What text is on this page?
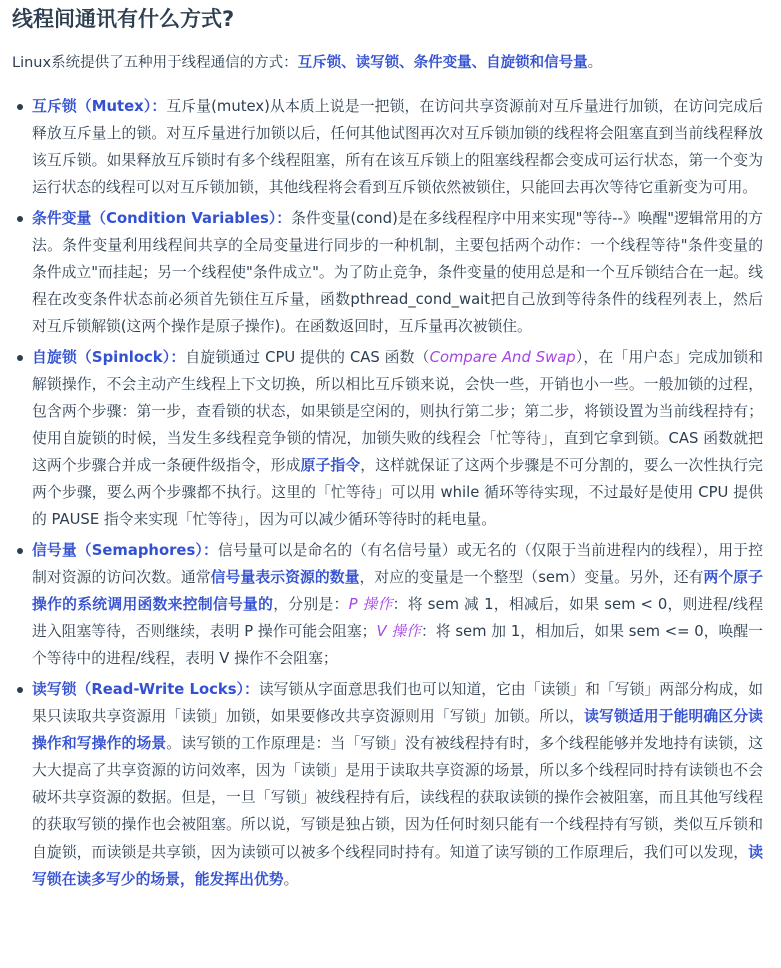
线程间通讯有什么方式?

Linux系统提供了五种用于线程通信的方式：互斥锁、读写锁、条件变量、自旋锁和信号量。

互斥锁（Mutex）：互斥量(mutex)从本质上说是一把锁，在访问共享资源前对互斥量进行加锁，在访问完成后释放互斥量上的锁。对互斥量进行加锁以后，任何其他试图再次对互斥锁加锁的线程将会阻塞直到当前线程释放该互斥锁。如果释放互斥锁时有多个线程阻塞，所有在该互斥锁上的阻塞线程都会变成可运行状态，第一个变为运行状态的线程可以对互斥锁加锁，其他线程将会看到互斥锁依然被锁住，只能回去再次等待它重新变为可用。
条件变量（Condition Variables）：条件变量(cond)是在多线程程序中用来实现"等待--》唤醒"逻辑常用的方法。条件变量利用线程间共享的全局变量进行同步的一种机制，主要包括两个动作：一个线程等待"条件变量的条件成立"而挂起；另一个线程使"条件成立"。为了防止竞争，条件变量的使用总是和一个互斥锁结合在一起。线程在改变条件状态前必须首先锁住互斥量，函数pthread_cond_wait把自己放到等待条件的线程列表上，然后对互斥锁解锁(这两个操作是原子操作)。在函数返回时，互斥量再次被锁住。
自旋锁（Spinlock）：自旋锁通过 CPU 提供的 CAS 函数（Compare And Swap），在「用户态」完成加锁和解锁操作，不会主动产生线程上下文切换，所以相比互斥锁来说，会快一些，开销也小一些。一般加锁的过程，包含两个步骤：第一步，查看锁的状态，如果锁是空闲的，则执行第二步；第二步，将锁设置为当前线程持有；使用自旋锁的时候，当发生多线程竞争锁的情况，加锁失败的线程会「忙等待」，直到它拿到锁。CAS 函数就把这两个步骤合并成一条硬件级指令，形成原子指令，这样就保证了这两个步骤是不可分割的，要么一次性执行完两个步骤，要么两个步骤都不执行。这里的「忙等待」可以用 while 循环等待实现，不过最好是使用 CPU 提供的 PAUSE 指令来实现「忙等待」，因为可以减少循环等待时的耗电量。
信号量（Semaphores）：信号量可以是命名的（有名信号量）或无名的（仅限于当前进程内的线程），用于控制对资源的访问次数。通常信号量表示资源的数量，对应的变量是一个整型（sem）变量。另外，还有两个原子操作的系统调用函数来控制信号量的，分别是：P 操作：将 sem 减 1，相减后，如果 sem < 0，则进程/线程进入阻塞等待，否则继续，表明 P 操作可能会阻塞；V 操作：将 sem 加 1，相加后，如果 sem <= 0，唤醒一个等待中的进程/线程，表明 V 操作不会阻塞；
读写锁（Read-Write Locks）：读写锁从字面意思我们也可以知道，它由「读锁」和「写锁」两部分构成，如果只读取共享资源用「读锁」加锁，如果要修改共享资源则用「写锁」加锁。所以，读写锁适用于能明确区分读操作和写操作的场景。读写锁的工作原理是：当「写锁」没有被线程持有时，多个线程能够并发地持有读锁，这大大提高了共享资源的访问效率，因为「读锁」是用于读取共享资源的场景，所以多个线程同时持有读锁也不会破坏共享资源的数据。但是，一旦「写锁」被线程持有后，读线程的获取读锁的操作会被阻塞，而且其他写线程的获取写锁的操作也会被阻塞。所以说，写锁是独占锁，因为任何时刻只能有一个线程持有写锁，类似互斥锁和自旋锁，而读锁是共享锁，因为读锁可以被多个线程同时持有。知道了读写锁的工作原理后，我们可以发现，读写锁在读多写少的场景，能发挥出优势。
